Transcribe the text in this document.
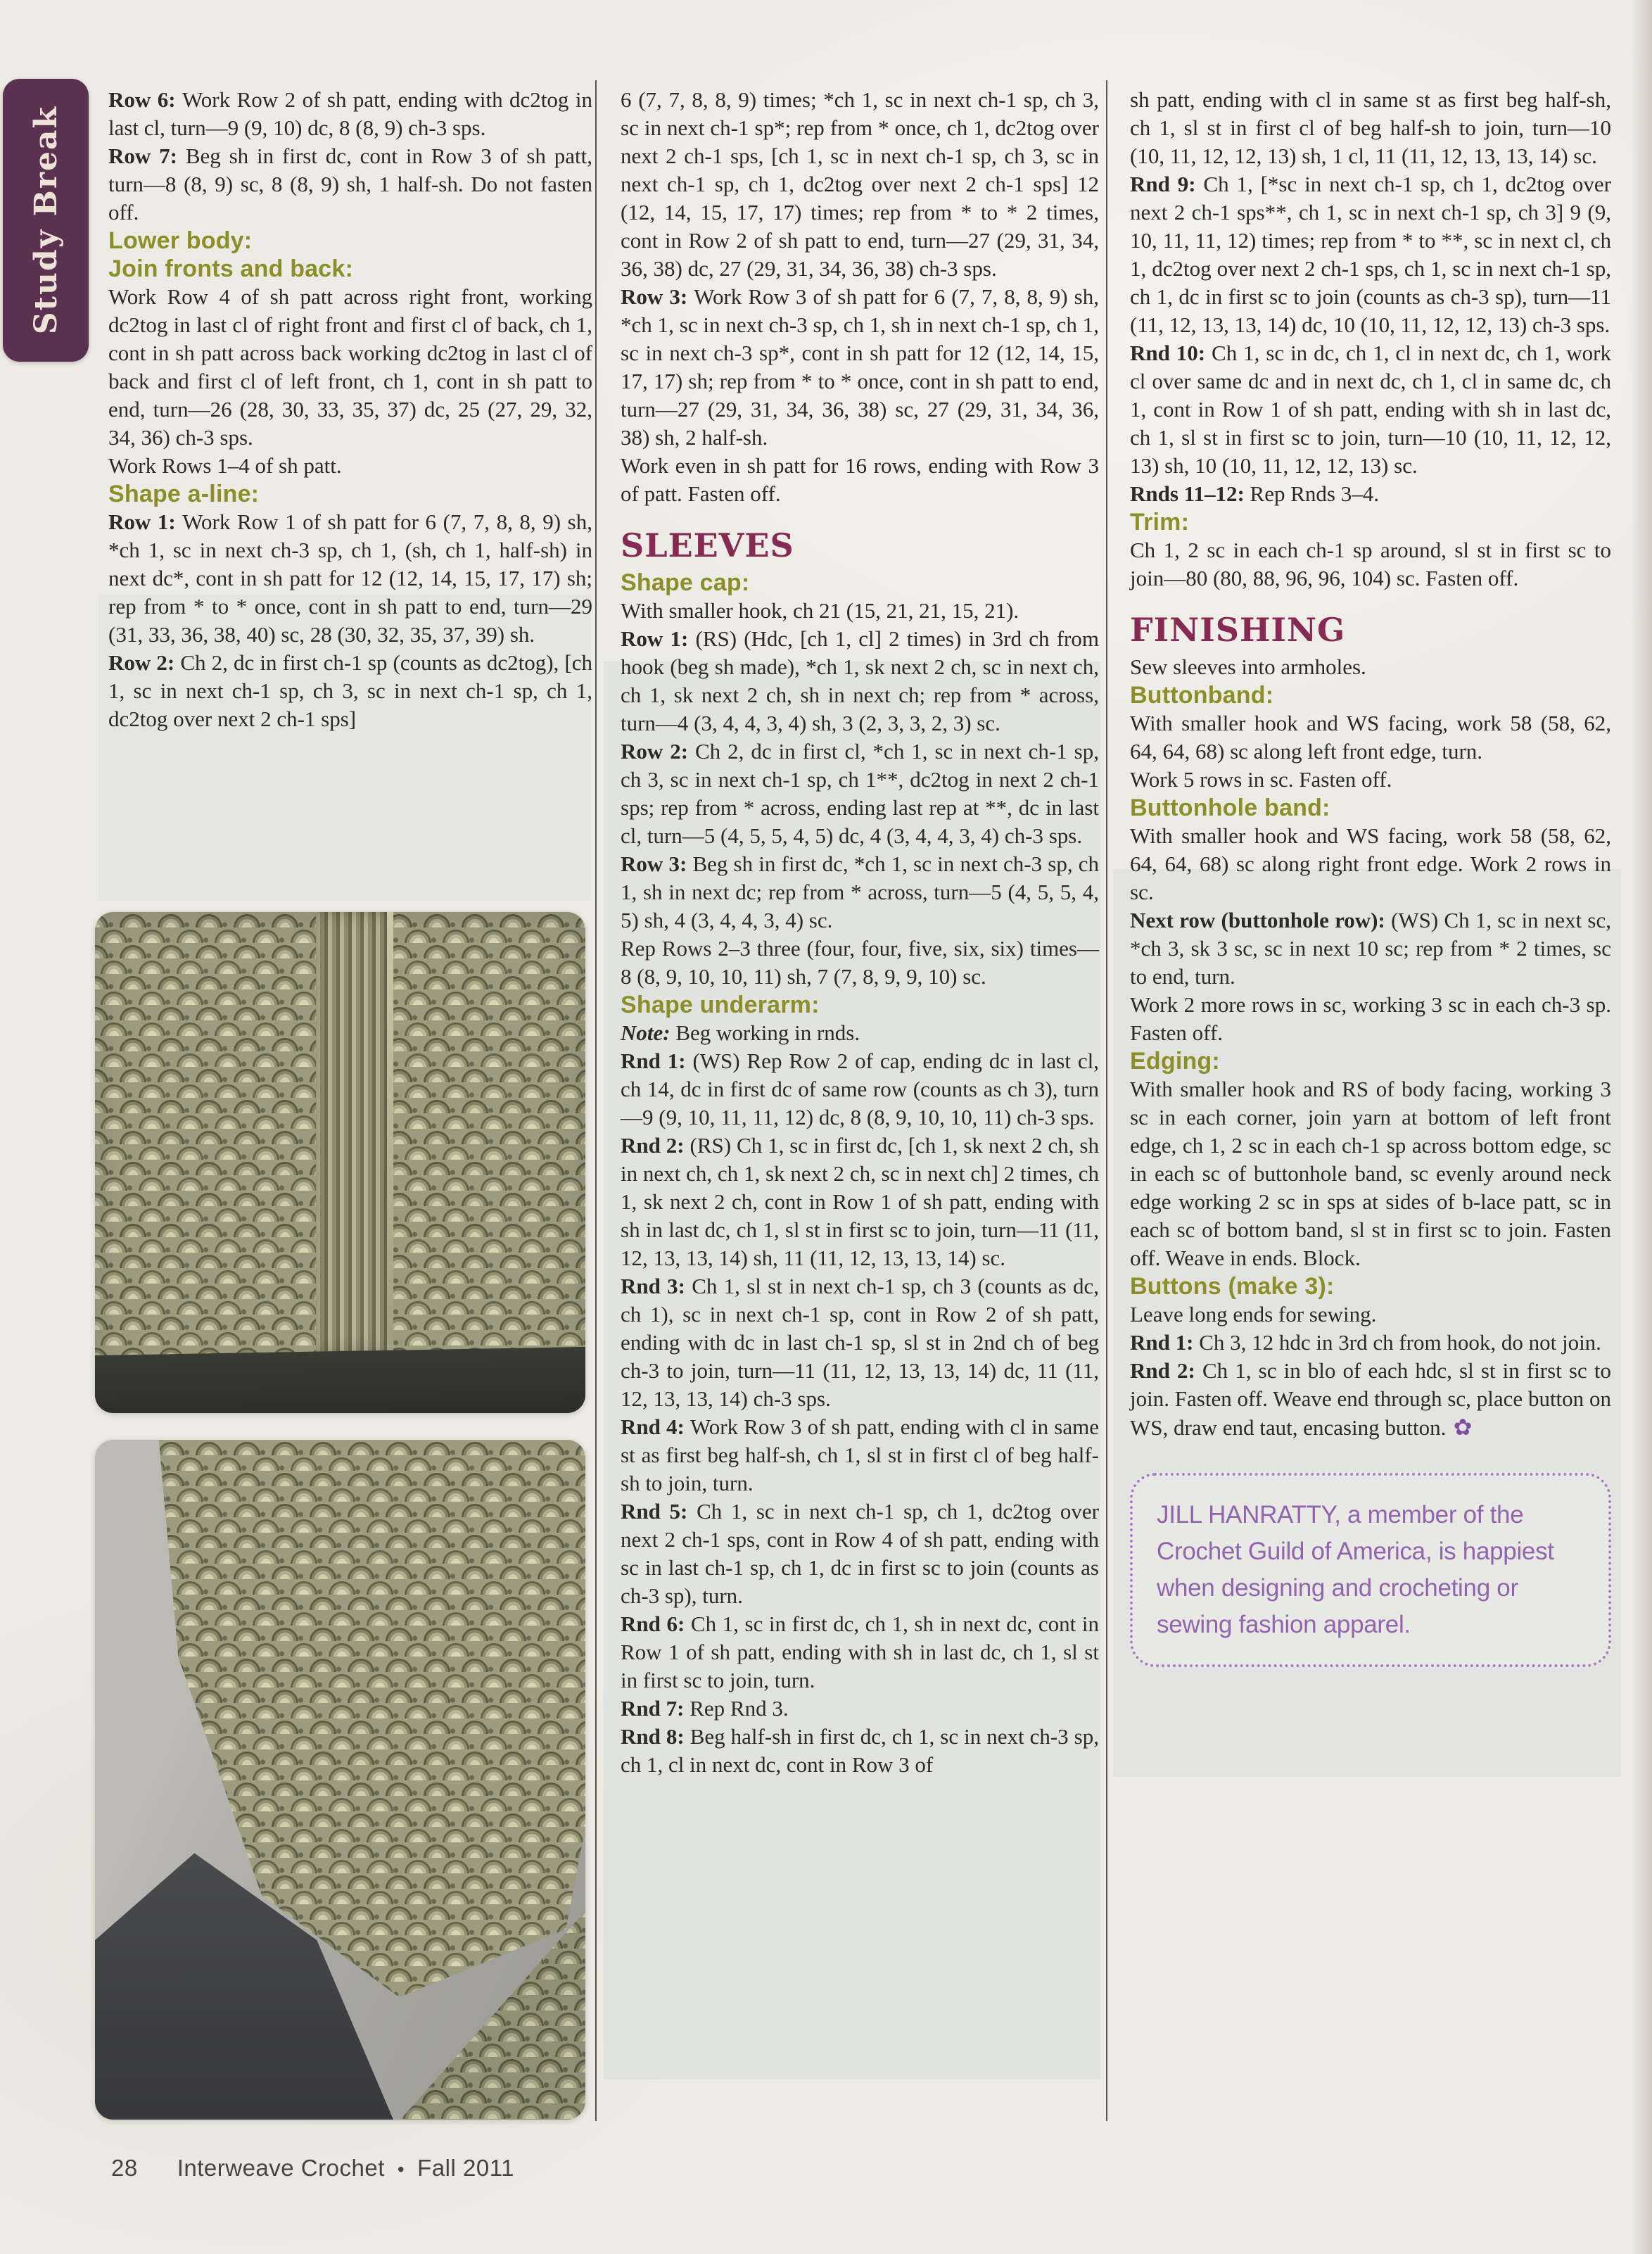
Study Break

Row 6: Work Row 2 of sh patt, ending with dc2tog in last cl, turn—9 (9, 10) dc, 8 (8, 9) ch-3 sps.

Row 7: Beg sh in first dc, cont in Row 3 of sh patt, turn—8 (8, 9) sc, 8 (8, 9) sh, 1 half-sh. Do not fasten off.

Lower body:
Join fronts and back:

Work Row 4 of sh patt across right front, working dc2tog in last cl of right front and first cl of back, ch 1, cont in sh patt across back working dc2tog in last cl of back and first cl of left front, ch 1, cont in sh patt to end, turn—26 (28, 30, 33, 35, 37) dc, 25 (27, 29, 32, 34, 36) ch-3 sps.

Work Rows 1–4 of sh patt.

Shape a-line:

Row 1: Work Row 1 of sh patt for 6 (7, 7, 8, 8, 9) sh, *ch 1, sc in next ch-3 sp, ch 1, (sh, ch 1, half-sh) in next dc*, cont in sh patt for 12 (12, 14, 15, 17, 17) sh; rep from * to * once, cont in sh patt to end, turn—29 (31, 33, 36, 38, 40) sc, 28 (30, 32, 35, 37, 39) sh.

Row 2: Ch 2, dc in first ch-1 sp (counts as dc2tog), [ch 1, sc in next ch-1 sp, ch 3, sc in next ch-1 sp, ch 1, dc2tog over next 2 ch-1 sps]

6 (7, 7, 8, 8, 9) times; *ch 1, sc in next ch-1 sp, ch 3, sc in next ch-1 sp*; rep from * once, ch 1, dc2tog over next 2 ch-1 sps, [ch 1, sc in next ch-1 sp, ch 3, sc in next ch-1 sp, ch 1, dc2tog over next 2 ch-1 sps] 12 (12, 14, 15, 17, 17) times; rep from * to * 2 times, cont in Row 2 of sh patt to end, turn—27 (29, 31, 34, 36, 38) dc, 27 (29, 31, 34, 36, 38) ch-3 sps.

Row 3: Work Row 3 of sh patt for 6 (7, 7, 8, 8, 9) sh, *ch 1, sc in next ch-3 sp, ch 1, sh in next ch-1 sp, ch 1, sc in next ch-3 sp*, cont in sh patt for 12 (12, 14, 15, 17, 17) sh; rep from * to * once, cont in sh patt to end, turn—27 (29, 31, 34, 36, 38) sc, 27 (29, 31, 34, 36, 38) sh, 2 half-sh.

Work even in sh patt for 16 rows, ending with Row 3 of patt. Fasten off.

SLEEVES
Shape cap:

With smaller hook, ch 21 (15, 21, 21, 15, 21).

Row 1: (RS) (Hdc, [ch 1, cl] 2 times) in 3rd ch from hook (beg sh made), *ch 1, sk next 2 ch, sc in next ch, ch 1, sk next 2 ch, sh in next ch; rep from * across, turn—4 (3, 4, 4, 3, 4) sh, 3 (2, 3, 3, 2, 3) sc.

Row 2: Ch 2, dc in first cl, *ch 1, sc in next ch-1 sp, ch 3, sc in next ch-1 sp, ch 1**, dc2tog in next 2 ch-1 sps; rep from * across, ending last rep at **, dc in last cl, turn—5 (4, 5, 5, 4, 5) dc, 4 (3, 4, 4, 3, 4) ch-3 sps.

Row 3: Beg sh in first dc, *ch 1, sc in next ch-3 sp, ch 1, sh in next dc; rep from * across, turn—5 (4, 5, 5, 4, 5) sh, 4 (3, 4, 4, 3, 4) sc.

Rep Rows 2–3 three (four, four, five, six, six) times—8 (8, 9, 10, 10, 11) sh, 7 (7, 8, 9, 9, 10) sc.

Shape underarm:

Note: Beg working in rnds.

Rnd 1: (WS) Rep Row 2 of cap, ending dc in last cl, ch 14, dc in first dc of same row (counts as ch 3), turn—9 (9, 10, 11, 11, 12) dc, 8 (8, 9, 10, 10, 11) ch-3 sps.

Rnd 2: (RS) Ch 1, sc in first dc, [ch 1, sk next 2 ch, sh in next ch, ch 1, sk next 2 ch, sc in next ch] 2 times, ch 1, sk next 2 ch, cont in Row 1 of sh patt, ending with sh in last dc, ch 1, sl st in first sc to join, turn—11 (11, 12, 13, 13, 14) sh, 11 (11, 12, 13, 13, 14) sc.

Rnd 3: Ch 1, sl st in next ch-1 sp, ch 3 (counts as dc, ch 1), sc in next ch-1 sp, cont in Row 2 of sh patt, ending with dc in last ch-1 sp, sl st in 2nd ch of beg ch-3 to join, turn—11 (11, 12, 13, 13, 14) dc, 11 (11, 12, 13, 13, 14) ch-3 sps.

Rnd 4: Work Row 3 of sh patt, ending with cl in same st as first beg half-sh, ch 1, sl st in first cl of beg half-sh to join, turn.

Rnd 5: Ch 1, sc in next ch-1 sp, ch 1, dc2tog over next 2 ch-1 sps, cont in Row 4 of sh patt, ending with sc in last ch-1 sp, ch 1, dc in first sc to join (counts as ch-3 sp), turn.

Rnd 6: Ch 1, sc in first dc, ch 1, sh in next dc, cont in Row 1 of sh patt, ending with sh in last dc, ch 1, sl st in first sc to join, turn.

Rnd 7: Rep Rnd 3.

Rnd 8: Beg half-sh in first dc, ch 1, sc in next ch-3 sp, ch 1, cl in next dc, cont in Row 3 of

sh patt, ending with cl in same st as first beg half-sh, ch 1, sl st in first cl of beg half-sh to join, turn—10 (10, 11, 12, 12, 13) sh, 1 cl, 11 (11, 12, 13, 13, 14) sc.

Rnd 9: Ch 1, [*sc in next ch-1 sp, ch 1, dc2tog over next 2 ch-1 sps**, ch 1, sc in next ch-1 sp, ch 3] 9 (9, 10, 11, 11, 12) times; rep from * to **, sc in next cl, ch 1, dc2tog over next 2 ch-1 sps, ch 1, sc in next ch-1 sp, ch 1, dc in first sc to join (counts as ch-3 sp), turn—11 (11, 12, 13, 13, 14) dc, 10 (10, 11, 12, 12, 13) ch-3 sps.

Rnd 10: Ch 1, sc in dc, ch 1, cl in next dc, ch 1, work cl over same dc and in next dc, ch 1, cl in same dc, ch 1, cont in Row 1 of sh patt, ending with sh in last dc, ch 1, sl st in first sc to join, turn—10 (10, 11, 12, 12, 13) sh, 10 (10, 11, 12, 12, 13) sc.

Rnds 11–12: Rep Rnds 3–4.

Trim:

Ch 1, 2 sc in each ch-1 sp around, sl st in first sc to join—80 (80, 88, 96, 96, 104) sc. Fasten off.

FINISHING

Sew sleeves into armholes.

Buttonband:

With smaller hook and WS facing, work 58 (58, 62, 64, 64, 68) sc along left front edge, turn.

Work 5 rows in sc. Fasten off.

Buttonhole band:

With smaller hook and WS facing, work 58 (58, 62, 64, 64, 68) sc along right front edge. Work 2 rows in sc.

Next row (buttonhole row): (WS) Ch 1, sc in next sc, *ch 3, sk 3 sc, sc in next 10 sc; rep from * 2 times, sc to end, turn.

Work 2 more rows in sc, working 3 sc in each ch-3 sp. Fasten off.

Edging:

With smaller hook and RS of body facing, working 3 sc in each corner, join yarn at bottom of left front edge, ch 1, 2 sc in each ch-1 sp across bottom edge, sc in each sc of buttonhole band, sc evenly around neck edge working 2 sc in sps at sides of b-lace patt, sc in each sc of bottom band, sl st in first sc to join. Fasten off. Weave in ends. Block.

Buttons (make 3):

Leave long ends for sewing.

Rnd 1: Ch 3, 12 hdc in 3rd ch from hook, do not join.

Rnd 2: Ch 1, sc in blo of each hdc, sl st in first sc to join. Fasten off. Weave end through sc, place button on WS, draw end taut, encasing button. ✿

JILL HANRATTY, a member of the Crochet Guild of America, is happiest when designing and crocheting or sewing fashion apparel.

28 Interweave Crochet • Fall 2011
